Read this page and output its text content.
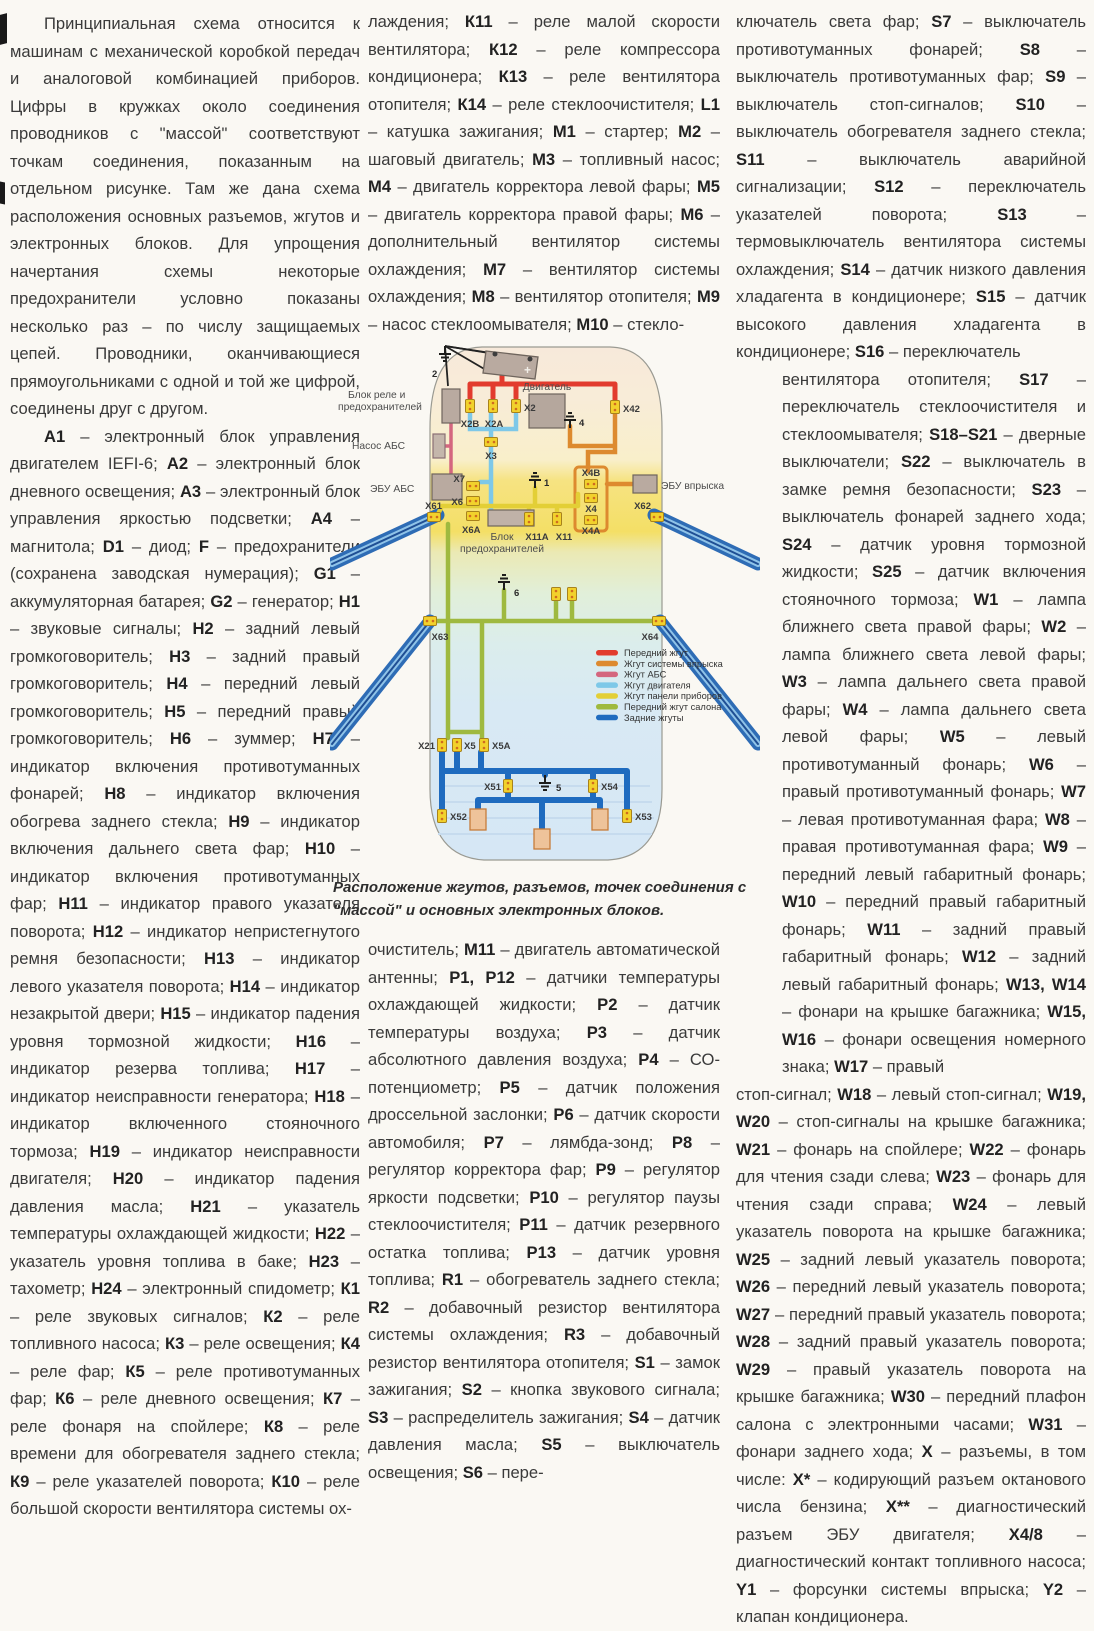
Принципиальная схема относится к машинам с механической коробкой передач и аналоговой комбинацией приборов. Цифры в кружках около соединения проводников с "массой" соответствуют точкам соединения, показанным на отдельном рисунке. Там же дана схема расположения основных разъемов, жгутов и электронных блоков. Для упрощения начертания схемы некоторые предохранители условно показаны несколько раз – по числу защищаемых цепей. Проводники, оканчивающиеся прямоугольниками с одной и той же цифрой, соединены друг с другом.
А1 – электронный блок управления двигателем IEFI-6; А2 – электронный блок дневного освещения; А3 – электронный блок управления яркостью подсветки; А4 – магнитола; D1 – диод; F – предохранители (сохранена заводская нумерация); G1 – аккумуляторная батарея; G2 – генератор; Н1 – звуковые сигналы; Н2 – задний левый громкоговоритель; Н3 – задний правый громкоговоритель; Н4 – передний левый громкоговоритель; Н5 – передний правый громкоговоритель; Н6 – зуммер; Н7 – индикатор включения противотуманных фонарей; Н8 – индикатор включения обогрева заднего стекла; Н9 – индикатор включения дальнего света фар; Н10 – индикатор включения противотуманных фар; Н11 – индикатор правого указателя поворота; Н12 – индикатор непристегнутого ремня безопасности; Н13 – индикатор левого указателя поворота; Н14 – индикатор незакрытой двери; Н15 – индикатор падения уровня тормозной жидкости; Н16 – индикатор резерва топлива; Н17 – индикатор неисправности генератора; Н18 – индикатор включенного стояночного тормоза; Н19 – индикатор неисправности двигателя; Н20 – индикатор падения давления масла; Н21 – указатель температуры охлаждающей жидкости; Н22 – указатель уровня топлива в баке; Н23 – тахометр; Н24 – электронный спидометр; К1 – реле звуковых сигналов; К2 – реле топливного насоса; К3 – реле освещения; К4 – реле фар; К5 – реле противотуманных фар; К6 – реле дневного освещения; К7 – реле фонаря на спойлере; К8 – реле времени для обогревателя заднего стекла; К9 – реле указателей поворота; К10 – реле большой скорости вентилятора системы ох-
лаждения; К11 – реле малой скорости вентилятора; К12 – реле компрессора кондиционера; К13 – реле вентилятора отопителя; К14 – реле стеклоочистителя; L1 – катушка зажигания; М1 – стартер; М2 – шаговый двигатель; М3 – топливный насос; М4 – двигатель корректора левой фары; М5 – двигатель корректора правой фары; М6 – дополнительный вентилятор системы охлаждения; М7 – вентилятор системы охлаждения; М8 – вентилятор отопителя; М9 – насос стеклоомывателя; М10 – стекло-
+
2
4
1
6
5
Х2В Х2А
Х2	Х42
Х3
Х7
Х6
Х6А
Х61	Х62
Х4В
Х4
Х4А
Х11А Х11
Х63	Х64
Х21	Х5 Х5А
Х51	Х54
Х52	Х53
Блок реле и
предохранителей
Насос АБС
ЭБУ АБС
Двигатель
ЭБУ впрыска
Блок
предохранителей
Передний жгут
Жгут системы впрыска
Жгут АБС
Жгут двигателя
Жгут панели приборов
Передний жгут салона
Задние жгуты
Расположение жгутов, разъемов, точек соединения с "массой" и основных электронных блоков.
очиститель; М11 – двигатель автоматической антенны; Р1, Р12 – датчики температуры охлаждающей жидкости; Р2 – датчик температуры воздуха; Р3 – датчик абсолютного давления воздуха; Р4 – СО-потенциометр; Р5 – датчик положения дроссельной заслонки; Р6 – датчик скорости автомобиля; Р7 – лямбда-зонд; Р8 – регулятор корректора фар; Р9 – регулятор яркости подсветки; Р10 – регулятор паузы стеклоочистителя; Р11 – датчик резервного остатка топлива; Р13 – датчик уровня топлива; R1 – обогреватель заднего стекла; R2 – добавочный резистор вентилятора системы охлаждения; R3 – добавочный резистор вентилятора отопителя; S1 – замок зажигания; S2 – кнопка звукового сигнала; S3 – распределитель зажигания; S4 – датчик давления масла; S5 – выключатель освещения; S6 – пере-
ключатель света фар; S7 – выключатель противотуманных фонарей; S8 – выключатель противотуманных фар; S9 – выключатель стоп-сигналов; S10 – выключатель обогревателя заднего стекла; S11 – выключатель аварийной сигнализации; S12 – переключатель указателей поворота; S13 – термовыключатель вентилятора системы охлаждения; S14 – датчик низкого давления хладагента в кондиционере; S15 – датчик высокого давления хладагента в кондиционере; S16 – переключатель
вентилятора отопителя; S17 – переключатель стеклоочистителя и стеклоомывателя; S18–S21 – дверные выключатели; S22 – выключатель в замке ремня безопасности; S23 – выключатель фонарей заднего хода; S24 – датчик уровня тормозной жидкости; S25 – датчик включения стояночного тормоза; W1 – лампа ближнего света правой фары; W2 – лампа ближнего света левой фары; W3 – лампа дальнего света правой фары; W4 – лампа дальнего света левой фары; W5 – левый противотуманный фонарь; W6 – правый противотуманный фонарь; W7 – левая противотуманная фара; W8 – правая противотуманная фара; W9 – передний левый габаритный фонарь; W10 – передний правый габаритный фонарь; W11 – задний правый габаритный фонарь; W12 – задний левый габаритный фонарь; W13, W14 – фонари на крышке багажника; W15, W16 – фонари освещения номерного знака; W17 – правый
стоп-сигнал; W18 – левый стоп-сигнал; W19, W20 – стоп-сигналы на крышке багажника; W21 – фонарь на спойлере; W22 – фонарь для чтения сзади слева; W23 – фонарь для чтения сзади справа; W24 – левый указатель поворота на крышке багажника; W25 – задний левый указатель поворота; W26 – передний левый указатель поворота; W27 – передний правый указатель поворота; W28 – задний правый указатель поворота; W29 – правый указатель поворота на крышке багажника; W30 – передний плафон салона с электронными часами; W31 – фонари заднего хода; Х – разъемы, в том числе: Х* – кодирующий разъем октанового числа бензина; Х** – диагностический разъем ЭБУ двигателя; Х4/8 – диагностический контакт топливного насоса; Y1 – форсунки системы впрыска; Y2 – клапан кондиционера.
